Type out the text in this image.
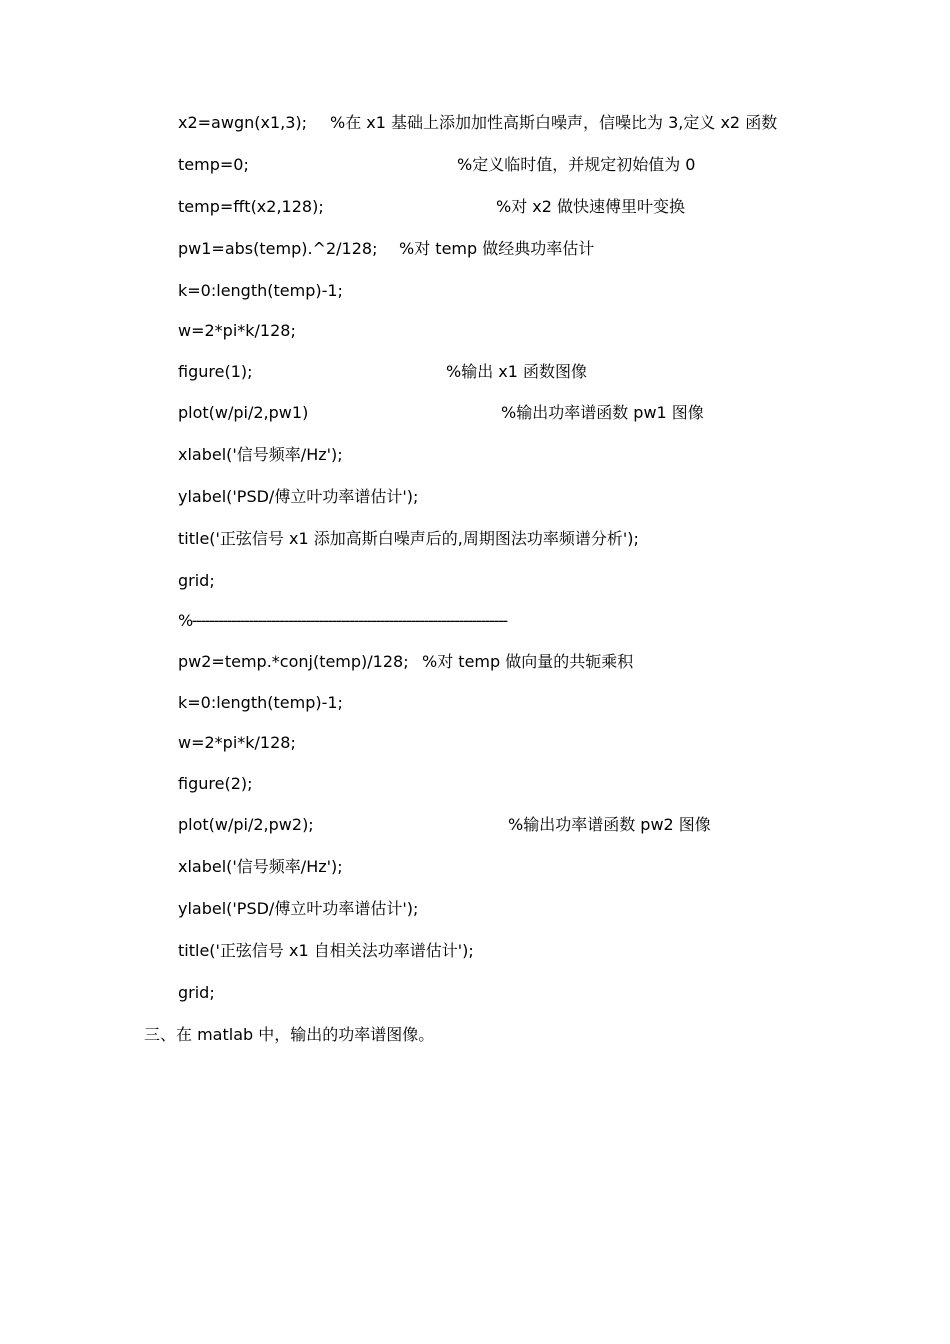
x2=awgn(x1,3);

%在 x1 基础上添加加性高斯白噪声，信噪比为 3,定义 x2 函数

temp=0;

	%定义临时值，并规定初始值为 0

temp=fft(x2,128);

	%对 x2 做快速傅里叶变换

pw1=abs(temp).^2/128;

%对 temp 做经典功率估计

k=0:length(temp)-1;

w=2*pi*k/128;

figure(1);

	%输出 x1 函数图像

plot(w/pi/2,pw1)

	%输出功率谱函数 pw1 图像

xlabel('信号频率/Hz');

ylabel('PSD/傅立叶功率谱估计');

title('正弦信号 x1 添加高斯白噪声后的,周期图法功率频谱分析');

grid;

%------------------------------------------------------------------------

pw2=temp.*conj(temp)/128;

%对 temp 做向量的共轭乘积

k=0:length(temp)-1;

w=2*pi*k/128;

figure(2);

plot(w/pi/2,pw2);

	%输出功率谱函数 pw2 图像

xlabel('信号频率/Hz');

ylabel('PSD/傅立叶功率谱估计');

title('正弦信号 x1 自相关法功率谱估计');

grid;

三、在 matlab 中，输出的功率谱图像。
